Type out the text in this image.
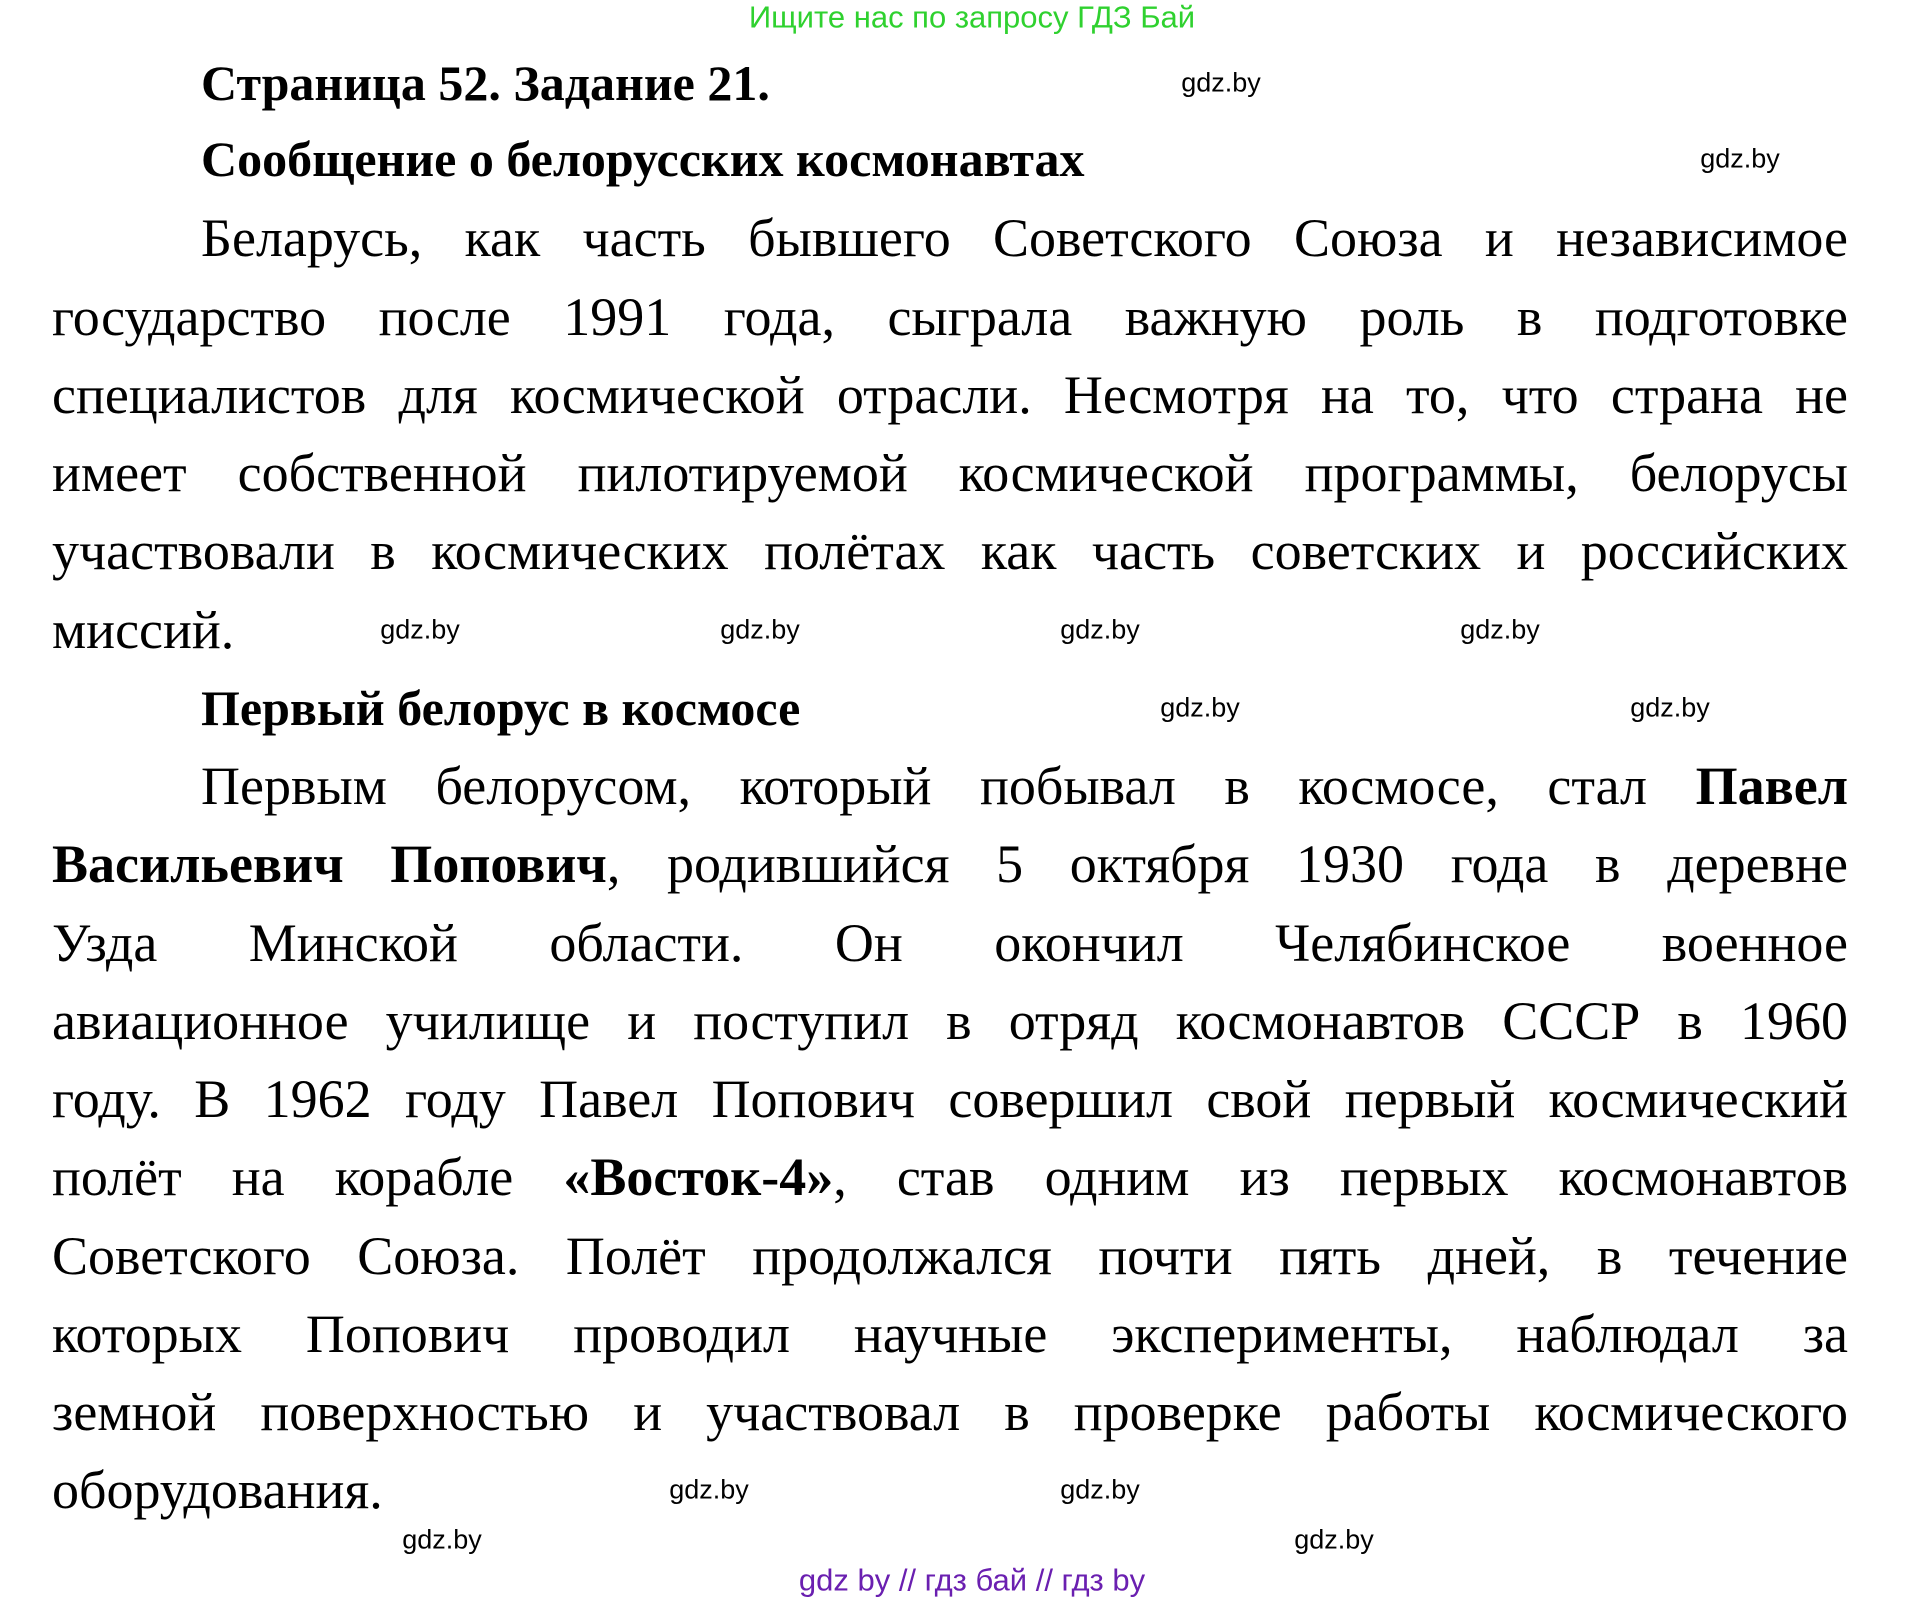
Ищите нас по запросу ГДЗ Бай
Страница 52. Задание 21.
Сообщение о белорусских космонавтах
Беларусь, как часть бывшего Советского Союза и независимое
государство после 1991 года, сыграла важную роль в подготовке
специалистов для космической отрасли. Несмотря на то, что страна не
имеет собственной пилотируемой космической программы, белорусы
участвовали в космических полётах как часть советских и российских
миссий.
Первый белорус в космосе
Первым белорусом, который побывал в космосе, стал Павел
Васильевич Попович, родившийся 5 октября 1930 года в деревне
Узда Минской области. Он окончил Челябинское военное
авиационное училище и поступил в отряд космонавтов СССР в 1960
году. В 1962 году Павел Попович совершил свой первый космический
полёт на корабле «Восток-4», став одним из первых космонавтов
Советского Союза. Полёт продолжался почти пять дней, в течение
которых Попович проводил научные эксперименты, наблюдал за
земной поверхностью и участвовал в проверке работы космического
оборудования.
gdz.by
gdz.by
gdz.by	gdz.by	gdz.by	gdz.by
gdz.by	gdz.by
gdz.by	gdz.by
gdz.by	gdz.by
gdz by // гдз бай // гдз by
